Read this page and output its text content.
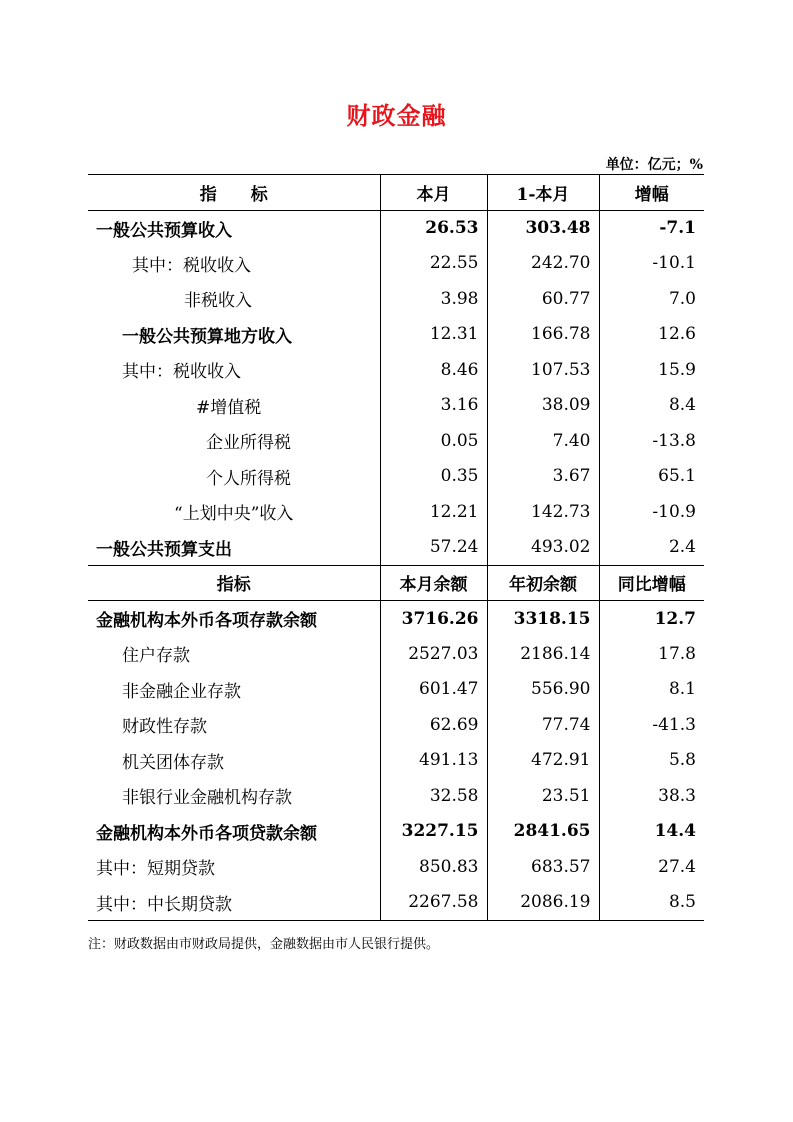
财政金融
单位：亿元；%
指　　标	本月	1-本月	增幅
一般公共预算收入	26.53	303.48	-7.1
其中：税收收入	22.55	242.70	-10.1
非税收入	3.98	60.77	7.0
一般公共预算地方收入	12.31	166.78	12.6
其中：税收收入	8.46	107.53	15.9
#增值税	3.16	38.09	8.4
企业所得税	0.05	7.40	-13.8
个人所得税	0.35	3.67	65.1
“上划中央”收入	12.21	142.73	-10.9
一般公共预算支出	57.24	493.02	2.4
指标	本月余额	年初余额	同比增幅
金融机构本外币各项存款余额	3716.26	3318.15	12.7
住户存款	2527.03	2186.14	17.8
非金融企业存款	601.47	556.90	8.1
财政性存款	62.69	77.74	-41.3
机关团体存款	491.13	472.91	5.8
非银行业金融机构存款	32.58	23.51	38.3
金融机构本外币各项贷款余额	3227.15	2841.65	14.4
其中：短期贷款	850.83	683.57	27.4
其中：中长期贷款	2267.58	2086.19	8.5
注：财政数据由市财政局提供，金融数据由市人民银行提供。
